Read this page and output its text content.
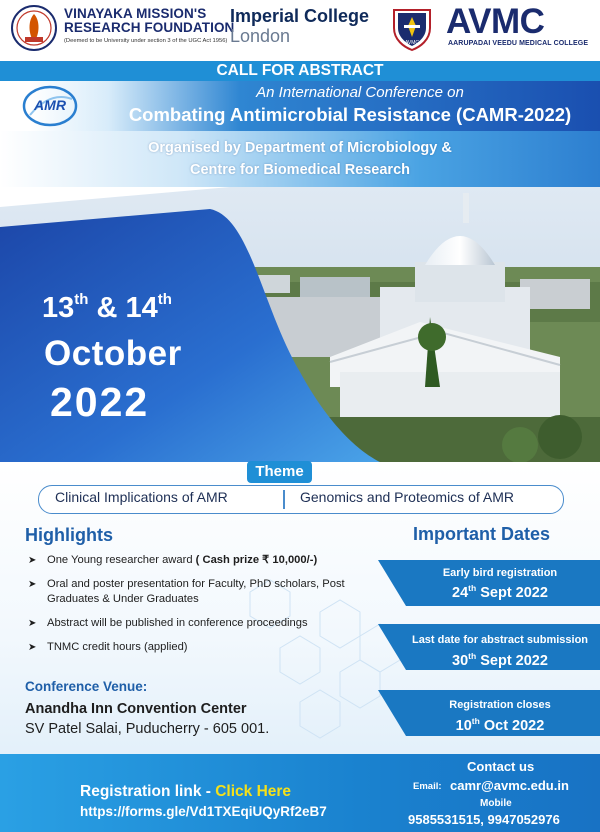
VINAYAKA MISSION'S
RESEARCH FOUNDATION
(Deemed to be University under section 3 of the UGC Act 1956)
Imperial College
London	AVMC
AVMC
AARUPADAI VEEDU MEDICAL COLLEGE
CALL FOR ABSTRACT
AMR
An International Conference on
Combating Antimicrobial Resistance (CAMR-2022)
Organised by Department of Microbiology &
Centre for Biomedical Research
13th & 14th
October
2022
Theme
Clinical Implications of AMR	Genomics and Proteomics of AMR
Highlights
➤ One Young researcher award ( Cash prize ₹ 10,000/-)
➤ Oral and poster presentation for Faculty, PhD scholars, Post Graduates & Under Graduates
➤ Abstract will be published in conference proceedings
➤ TNMC credit hours (applied)
Conference Venue:
Anandha Inn Convention Center
SV Patel Salai, Puducherry - 605 001.
Important Dates
Early bird registration
24th Sept 2022
Last date for abstract submission
30th Sept 2022
Registration closes
10th Oct 2022
Registration link - Click Here
https://forms.gle/Vd1TXEqiUQyRf2eB7
Contact us
Email: camr@avmc.edu.in
Mobile
9585531515, 9947052976
